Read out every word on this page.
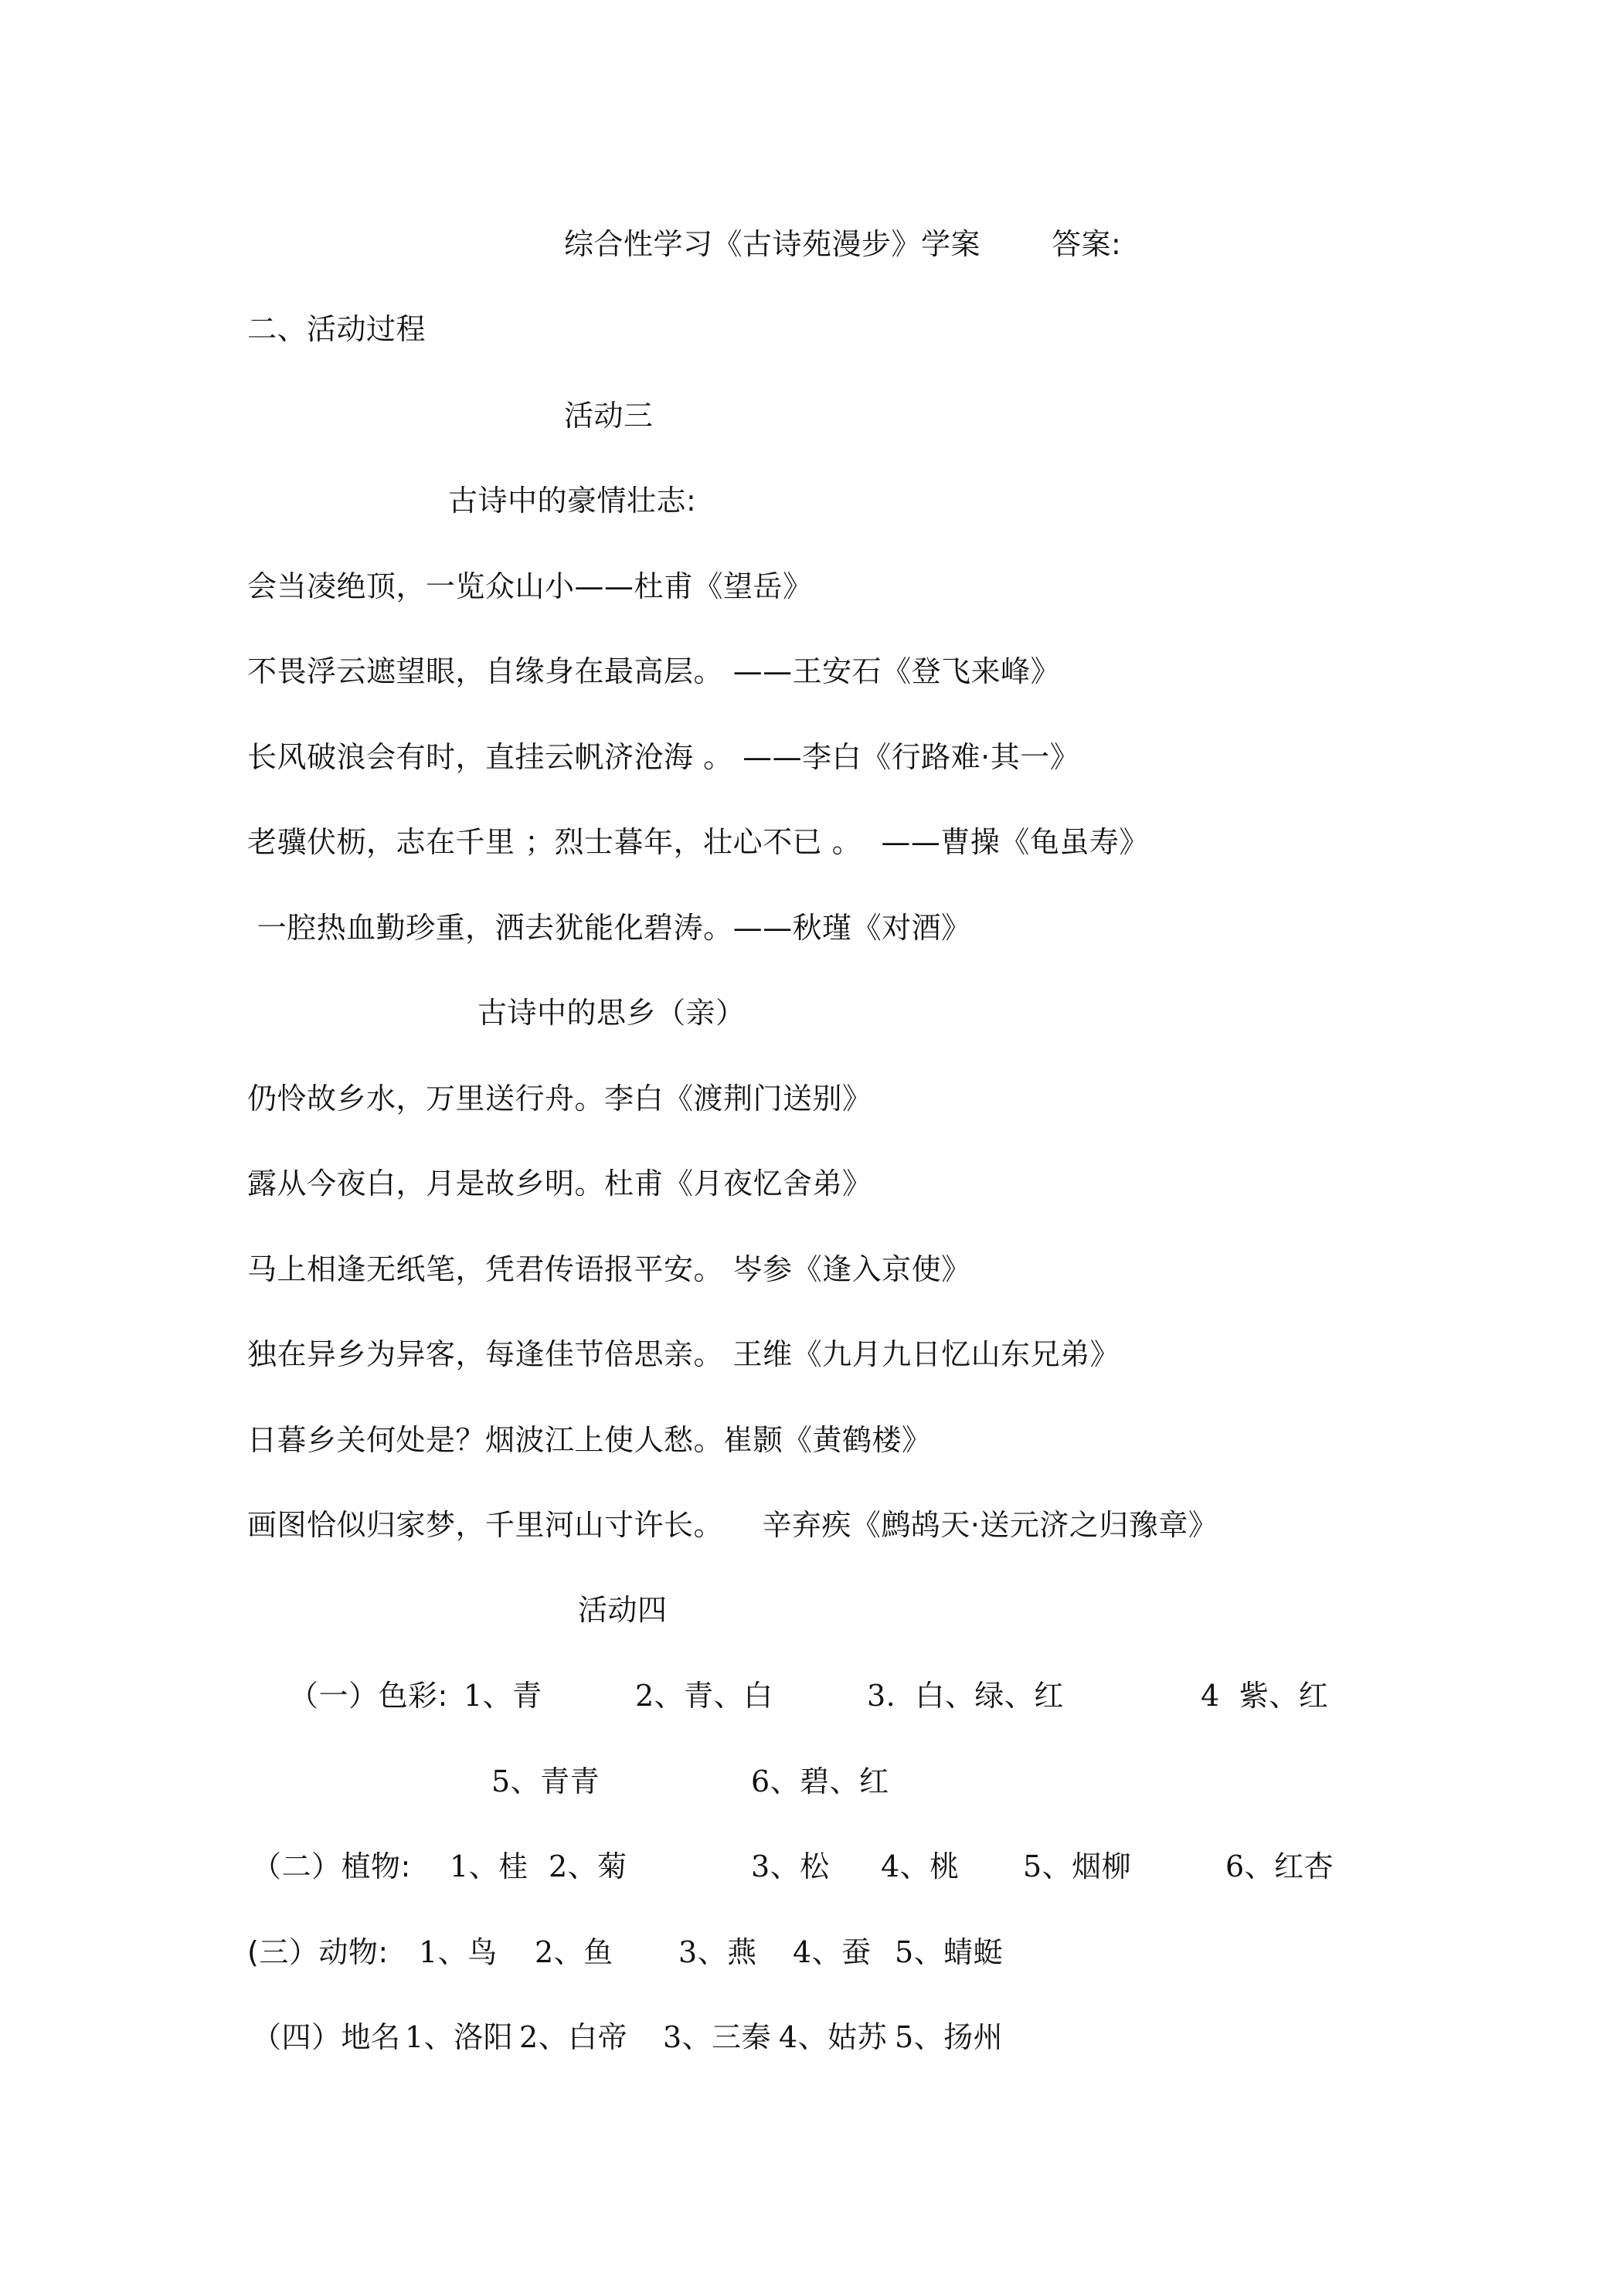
综合性学习《古诗苑漫步》学案 答案:
二、活动过程
活动三
古诗中的豪情壮志:
会当凌绝顶，一览众山小——杜甫《望岳》
不畏浮云遮望眼，自缘身在最高层。 ——王安石《登飞来峰》
长风破浪会有时，直挂云帆济沧海 。 ——李白《行路难·其一》
老骥伏枥，志在千里 ；烈士暮年，壮心不已 。  ——曹操《龟虽寿》
一腔热血勤珍重，洒去犹能化碧涛。——秋瑾《对酒》
古诗中的思乡（亲）
仍怜故乡水，万里送行舟。李白《渡荆门送别》
露从今夜白，月是故乡明。杜甫《月夜忆舍弟》
马上相逢无纸笔，凭君传语报平安。 岑参《逢入京使》
独在异乡为异客，每逢佳节倍思亲。 王维《九月九日忆山东兄弟》
日暮乡关何处是？烟波江上使人愁。崔颢《黄鹤楼》
画图恰似归家梦，千里河山寸许长。    辛弃疾《鹧鸪天·送元济之归豫章》
活动四
（一）色彩: 1、青	2、青、白	3.  白、绿、红	4  紫、红
5、青青	6、碧、红
（二）植物: 1、桂 2、菊	3、松 4、桃 5、烟柳	6、红杏
(三）动物: 1、鸟 2、鱼 3、燕 4、蚕 5、蜻蜓
（四）地名 1、洛阳 2、白帝 3、三秦 4、姑苏 5、扬州
